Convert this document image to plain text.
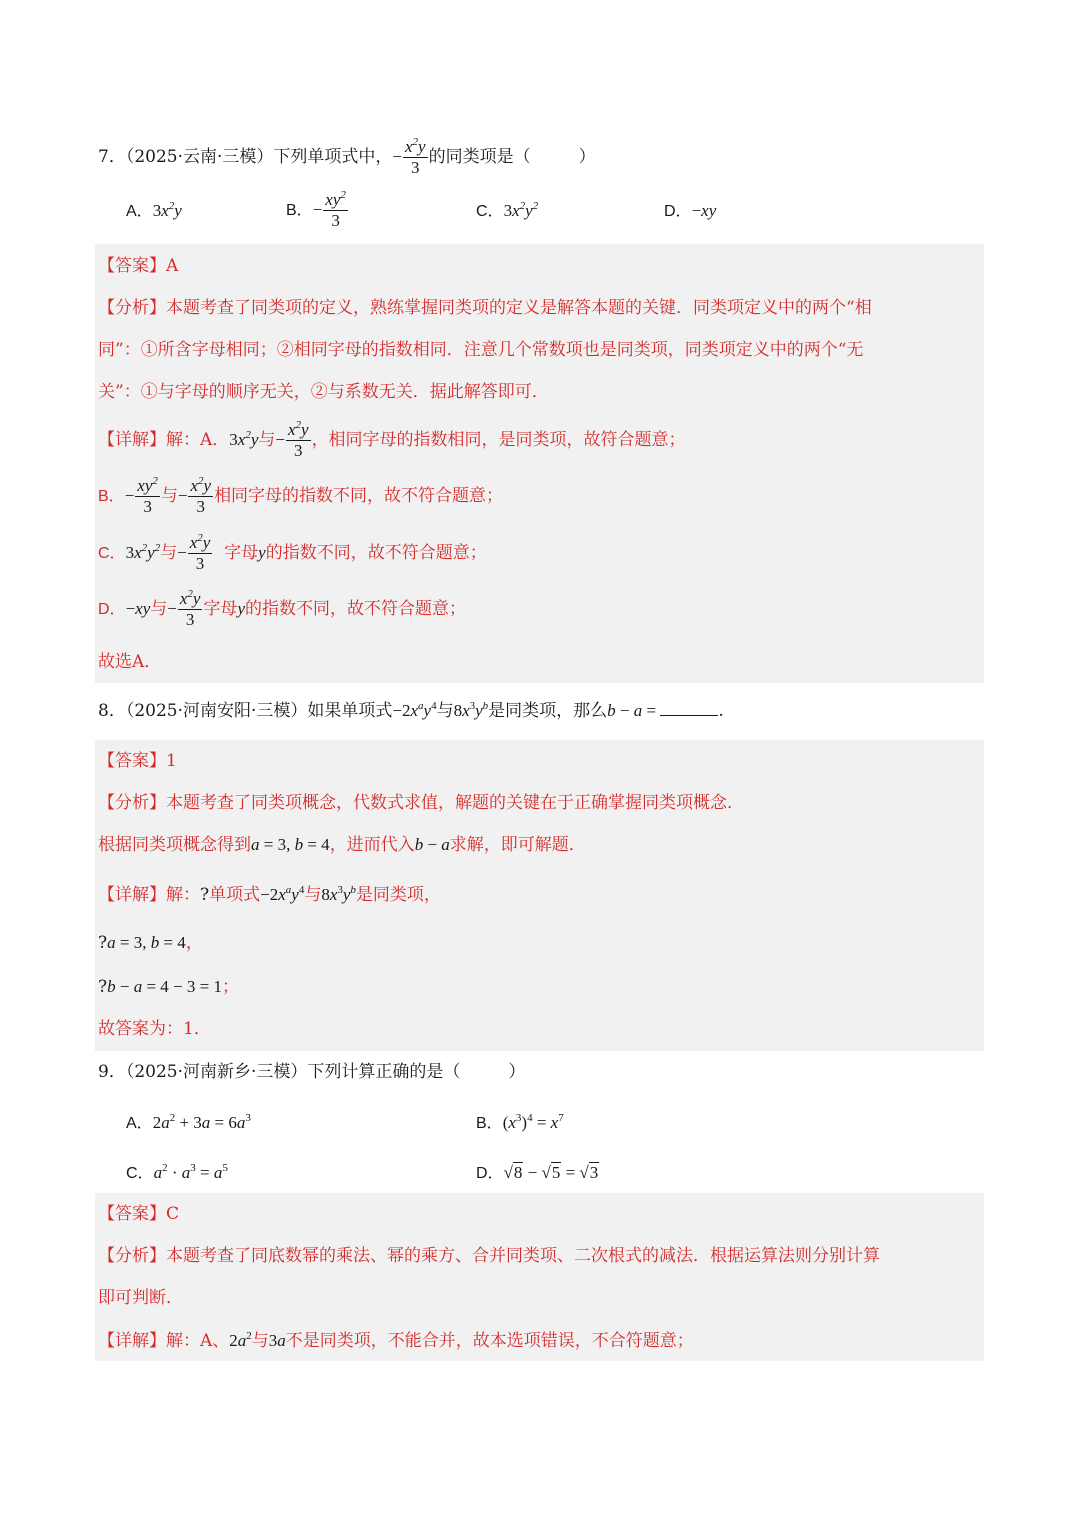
7．（2025·云南·三模）下列单项式中，− $\frac{x^2y}{3}$ 的同类项是（	）
A．$3x^2y$	B．− $\frac{xy^2}{3}$	C．$3x^2y^2$	D．−xy
【答案】A
【分析】本题考查了同类项的定义，熟练掌握同类项的定义是解答本题的关键．同类项定义中的两个“相
同”：①所含字母相同；②相同字母的指数相同．注意几个常数项也是同类项，同类项定义中的两个“无
关”：①与字母的顺序无关，②与系数无关．据此解答即可．
【详解】解：A．$3x^2y$与− $\frac{x^2y}{3}$ ，相同字母的指数相同，是同类项，故符合题意；
B．− $\frac{xy^2}{3}$ 与− $\frac{x^2y}{3}$ 相同字母的指数不同，故不符合题意；
C．$3x^2y^2$与− $\frac{x^2y}{3}$ 字母y的指数不同，故不符合题意；
D．−xy与− $\frac{x^2y}{3}$ 字母y的指数不同，故不符合题意；
故选A．
8．（2025·河南安阳·三模）如果单项式$-2x^ay^4$与$8x^3y^b$是同类项，那么b − a =	.
【答案】1
【分析】本题考查了同类项概念，代数式求值，解题的关键在于正确掌握同类项概念．
根据同类项概念得到a = 3, b = 4，进而代入b − a求解，即可解题．
【详解】解：?单项式$-2x^ay^4$与$8x^3y^b$是同类项，
?a = 3, b = 4，
?b − a = 4 − 3 = 1；
故答案为：1．
9．（2025·河南新乡·三模）下列计算正确的是（	）
A．$2a^2 + 3a = 6a^3$	B．$(x^3)^4 = x^7$
C．$a^2 \cdot a^3 = a^5$	D．√8 − √5 = √3
【答案】C
【分析】本题考查了同底数幂的乘法、幂的乘方、合并同类项、二次根式的减法．根据运算法则分别计算
即可判断．
【详解】解：A、$2a^2$与3a不是同类项，不能合并，故本选项错误，不合符题意；
